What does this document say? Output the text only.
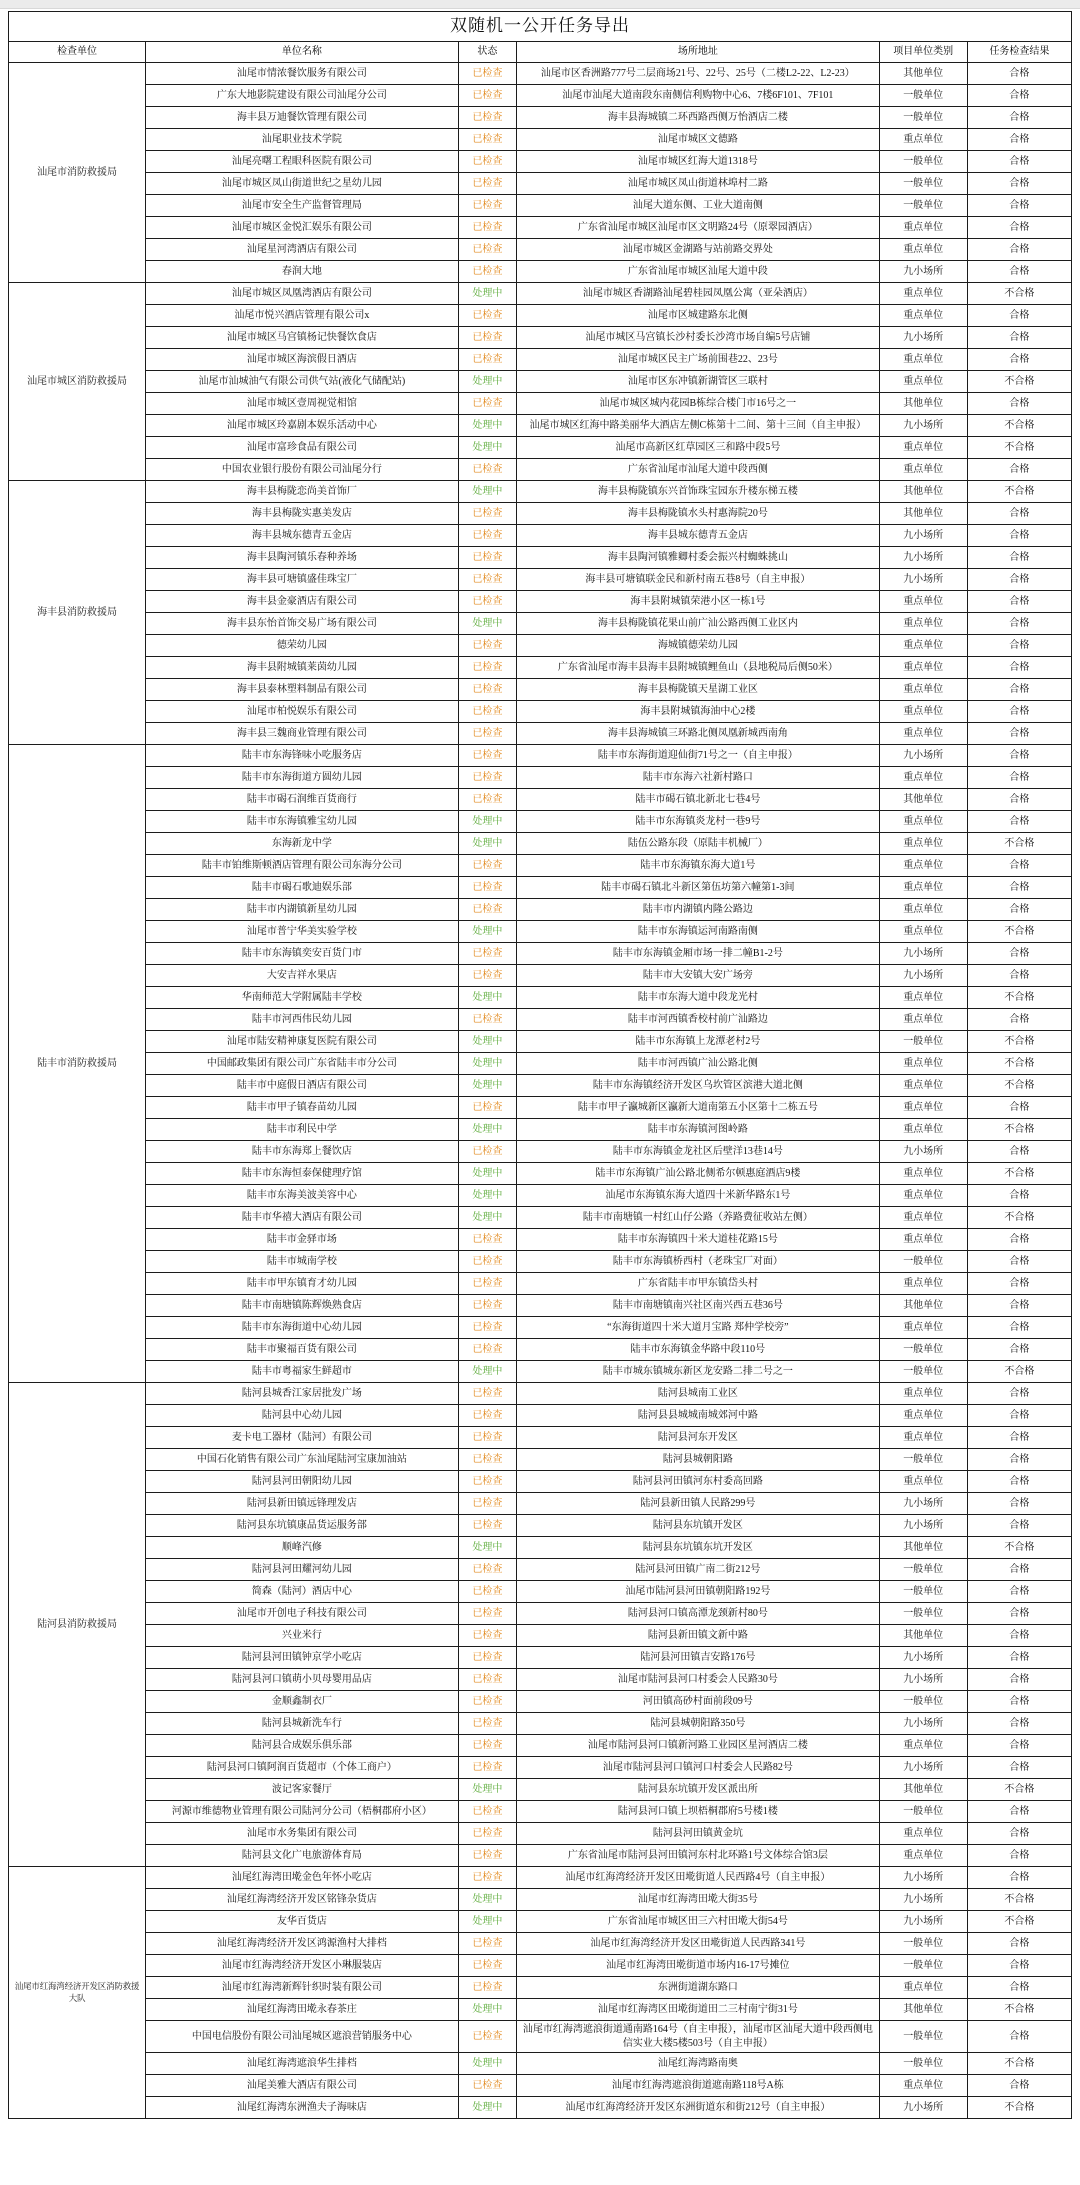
双随机一公开任务导出					
检查单位	单位名称	状态	场所地址	项目单位类别	任务检查结果
汕尾市消防救援局	汕尾市情浓餐饮服务有限公司	已检查	汕尾市区香洲路777号二层商场21号、22号、25号（二楼L2-22、L2-23）	其他单位	合格
	广东大地影院建设有限公司汕尾分公司	已检查	汕尾市汕尾大道南段东南侧信利购物中心6、7楼6F101、7F101	一般单位	合格
	海丰县万迪餐饮管理有限公司	已检查	海丰县海城镇二环西路西侧万怡酒店二楼	一般单位	合格
	汕尾职业技术学院	已检查	汕尾市城区文德路	重点单位	合格
	汕尾亮曙工程眼科医院有限公司	已检查	汕尾市城区红海大道1318号	一般单位	合格
	汕尾市城区凤山街道世纪之星幼儿园	已检查	汕尾市城区凤山街道林埠村二路	一般单位	合格
	汕尾市安全生产监督管理局	已检查	汕尾大道东侧、工业大道南侧	一般单位	合格
	汕尾市城区金悦汇娱乐有限公司	已检查	广东省汕尾市城区汕尾市区文明路24号（原翠园酒店）	重点单位	合格
	汕尾星河湾酒店有限公司	已检查	汕尾市城区金湖路与站前路交界处	重点单位	合格
	春润大地	已检查	广东省汕尾市城区汕尾大道中段	九小场所	合格
汕尾市城区消防救援局	汕尾市城区凤凰湾酒店有限公司	处理中	汕尾市城区香湖路汕尾碧桂园凤凰公寓（亚朵酒店）	重点单位	不合格
	汕尾市悦兴酒店管理有限公司x	已检查	汕尾市区城建路东北侧	重点单位	合格
	汕尾市城区马宫镇杨记快餐饮食店	已检查	汕尾市城区马宫镇长沙村委长沙湾市场自编5号店铺	九小场所	合格
	汕尾市城区海滨假日酒店	已检查	汕尾市城区民主广场前围巷22、23号	重点单位	合格
	汕尾市汕城油气有限公司供气站(液化气储配站)	处理中	汕尾市区东冲镇新湖管区三联村	重点单位	不合格
	汕尾市城区壹周视觉相馆	已检查	汕尾市城区城内花园B栋综合楼门市16号之一	其他单位	合格
	汕尾市城区玲嘉剧本娱乐活动中心	处理中	汕尾市城区红海中路美丽华大酒店左侧C栋第十二间、第十三间（自主申报）	九小场所	不合格
	汕尾市富珍食品有限公司	处理中	汕尾市高新区红草园区三和路中段5号	重点单位	不合格
	中国农业银行股份有限公司汕尾分行	已检查	广东省汕尾市汕尾大道中段西侧	重点单位	合格
海丰县消防救援局	海丰县梅陇恋尚美首饰厂	处理中	海丰县梅陇镇东兴首饰珠宝园东升楼东梯五楼	其他单位	不合格
	海丰县梅陇实惠美发店	已检查	海丰县梅陇镇水头村惠海院20号	其他单位	合格
	海丰县城东德青五金店	已检查	海丰县城东德青五金店	九小场所	合格
	海丰县陶河镇乐春种养场	已检查	海丰县陶河镇雅卿村委会振兴村蜘蛛挑山	九小场所	合格
	海丰县可塘镇盛佳珠宝厂	已检查	海丰县可塘镇联金民和新村南五巷8号（自主申报）	九小场所	合格
	海丰县金豪酒店有限公司	已检查	海丰县附城镇荣港小区一栋1号	重点单位	合格
	海丰县东怡首饰交易广场有限公司	处理中	海丰县梅陇镇花果山前广汕公路西侧工业区内	重点单位	合格
	德荣幼儿园	已检查	海城镇德荣幼儿园	重点单位	合格
	海丰县附城镇莱茵幼儿园	已检查	广东省汕尾市海丰县海丰县附城镇鲤鱼山（县地税局后侧50米）	重点单位	合格
	海丰县泰林塑料制品有限公司	已检查	海丰县梅陇镇天星湖工业区	重点单位	合格
	汕尾市柏悦娱乐有限公司	已检查	海丰县附城镇海油中心2楼	重点单位	合格
	海丰县三魏商业管理有限公司	已检查	海丰县海城镇三环路北侧凤凰新城西南角	重点单位	合格
陆丰市消防救援局	陆丰市东海锋味小吃服务店	已检查	陆丰市东海街道迎仙街71号之一（自主申报）	九小场所	合格
	陆丰市东海街道方圆幼儿园	已检查	陆丰市东海六社新村路口	重点单位	合格
	陆丰市碣石润维百货商行	已检查	陆丰市碣石镇北新北七巷4号	其他单位	合格
	陆丰市东海镇雅宝幼儿园	处理中	陆丰市东海镇炎龙村一巷9号	重点单位	合格
	东海新龙中学	处理中	陆伍公路东段（原陆丰机械厂）	重点单位	不合格
	陆丰市铂维斯顿酒店管理有限公司东海分公司	已检查	陆丰市东海镇东海大道1号	重点单位	合格
	陆丰市碣石歌迪娱乐部	已检查	陆丰市碣石镇北斗新区第伍坊第六幢第1-3间	重点单位	合格
	陆丰市内湖镇新星幼儿园	已检查	陆丰市内湖镇内隆公路边	重点单位	合格
	汕尾市普宁华美实验学校	处理中	陆丰市东海镇运河南路南侧	重点单位	不合格
	陆丰市东海镇奕安百货门市	已检查	陆丰市东海镇金厢市场一排二幢B1-2号	九小场所	合格
	大安吉祥水果店	已检查	陆丰市大安镇大安广场旁	九小场所	合格
	华南师范大学附属陆丰学校	处理中	陆丰市东海大道中段龙光村	重点单位	不合格
	陆丰市河西伟民幼儿园	已检查	陆丰市河西镇香校村前广汕路边	重点单位	合格
	汕尾市陆安精神康复医院有限公司	处理中	陆丰市东海镇上龙潭老村2号	一般单位	不合格
	中国邮政集团有限公司广东省陆丰市分公司	处理中	陆丰市河西镇广汕公路北侧	重点单位	不合格
	陆丰市中庭假日酒店有限公司	处理中	陆丰市东海镇经济开发区乌坎管区滨港大道北侧	重点单位	不合格
	陆丰市甲子镇春苗幼儿园	已检查	陆丰市甲子瀛城新区瀛新大道南第五小区第十二栋五号	重点单位	合格
	陆丰市利民中学	处理中	陆丰市东海镇河图岭路	重点单位	不合格
	陆丰市东海郑上餐饮店	已检查	陆丰市东海镇金龙社区后壁洋13巷14号	九小场所	合格
	陆丰市东海恒泰保健理疗馆	处理中	陆丰市东海镇广汕公路北侧希尔顿惠庭酒店9楼	重点单位	不合格
	陆丰市东海美波美容中心	处理中	汕尾市东海镇东海大道四十米新华路东1号	重点单位	合格
	陆丰市华禧大酒店有限公司	处理中	陆丰市南塘镇一村红山仔公路（养路费征收站左侧）	重点单位	不合格
	陆丰市金驿市场	已检查	陆丰市东海镇四十米大道桂花路15号	重点单位	合格
	陆丰市城南学校	已检查	陆丰市东海镇桥西村（老珠宝厂对面）	一般单位	合格
	陆丰市甲东镇育才幼儿园	已检查	广东省陆丰市甲东镇岱头村	重点单位	合格
	陆丰市南塘镇陈辉焕熟食店	已检查	陆丰市南塘镇南兴社区南兴西五巷36号	其他单位	合格
	陆丰市东海街道中心幼儿园	已检查	“东海街道四十米大道月宝路 郑仲学校旁”	重点单位	合格
	陆丰市聚福百货有限公司	已检查	陆丰市东海镇金华路中段110号	一般单位	合格
	陆丰市粤福家生鲜超市	处理中	陆丰市城东镇城东新区龙安路二排二号之一	一般单位	不合格
陆河县消防救援局	陆河县城香江家居批发广场	已检查	陆河县城南工业区	重点单位	合格
	陆河县中心幼儿园	已检查	陆河县县城城南城郊河中路	重点单位	合格
	麦卡电工器材（陆河）有限公司	已检查	陆河县河东开发区	重点单位	合格
	中国石化销售有限公司广东汕尾陆河宝康加油站	已检查	陆河县城朝阳路	一般单位	合格
	陆河县河田朝阳幼儿园	已检查	陆河县河田镇河东村委高回路	重点单位	合格
	陆河县新田镇远锋理发店	已检查	陆河县新田镇人民路299号	九小场所	合格
	陆河县东坑镇康品货运服务部	已检查	陆河县东坑镇开发区	九小场所	合格
	顺峰汽修	处理中	陆河县东坑镇东坑开发区	其他单位	不合格
	陆河县河田耀河幼儿园	已检查	陆河县河田镇广南二街212号	一般单位	合格
	简森（陆河）酒店中心	已检查	汕尾市陆河县河田镇朝阳路192号	一般单位	合格
	汕尾市开创电子科技有限公司	已检查	陆河县河口镇高潭龙颈新村80号	一般单位	合格
	兴业米行	已检查	陆河县新田镇文新中路	其他单位	合格
	陆河县河田镇钟京学小吃店	已检查	陆河县河田镇吉安路176号	九小场所	合格
	陆河县河口镇萌小贝母婴用品店	已检查	汕尾市陆河县河口村委会人民路30号	九小场所	合格
	金顺鑫制衣厂	已检查	河田镇高砂村面前段09号	一般单位	合格
	陆河县城新洗车行	已检查	陆河县城朝阳路350号	九小场所	合格
	陆河县合成娱乐俱乐部	已检查	汕尾市陆河县河口镇新河路工业园区星河酒店二楼	重点单位	合格
	陆河县河口镇阿润百货超市（个体工商户）	已检查	汕尾市陆河县河口镇河口村委会人民路82号	九小场所	合格
	波记客家餐厅	处理中	陆河县东坑镇开发区派出所	其他单位	不合格
	河源市维德物业管理有限公司陆河分公司（梧桐郡府小区）	已检查	陆河县河口镇上坝梧桐郡府5号楼1楼	一般单位	合格
	汕尾市水务集团有限公司	已检查	陆河县河田镇黄金坑	重点单位	合格
	陆河县文化广电旅游体育局	已检查	广东省汕尾市陆河县河田镇河东村北环路1号文体综合馆3层	重点单位	合格
汕尾市红海湾经济开发区消防救援大队	汕尾红海湾田墘金色年怀小吃店	已检查	汕尾市红海湾经济开发区田墘街道人民西路4号（自主申报）	九小场所	合格
	汕尾红海湾经济开发区铭锋杂货店	处理中	汕尾市红海湾田墘大街35号	九小场所	不合格
	友华百货店	处理中	广东省汕尾市城区田三六村田墘大街54号	九小场所	不合格
	汕尾红海湾经济开发区鸿源渔村大排档	已检查	汕尾市红海湾经济开发区田墘街道人民西路341号	一般单位	合格
	汕尾市红海湾经济开发区小琳服装店	已检查	汕尾市红海湾田墘街道市场内16-17号摊位	一般单位	合格
	汕尾市红海湾新辉针织时装有限公司	已检查	东洲街道湖东路口	重点单位	合格
	汕尾红海湾田墘永春茶庄	处理中	汕尾市红海湾区田墘街道田二三村南宁街31号	其他单位	不合格
	中国电信股份有限公司汕尾城区遮浪营销服务中心	已检查	汕尾市红海湾遮浪街道通南路164号（自主申报），汕尾市区汕尾大道中段西侧电信实业大楼5楼503号（自主申报）	一般单位	合格
	汕尾红海湾遮浪华生排档	处理中	汕尾红海湾路南奥	一般单位	不合格
	汕尾美雅大酒店有限公司	已检查	汕尾市红海湾遮浪街道遮南路118号A栋	重点单位	合格
	汕尾红海湾东洲渔夫子海味店	处理中	汕尾市红海湾经济开发区东洲街道东和街212号（自主申报）	九小场所	不合格
